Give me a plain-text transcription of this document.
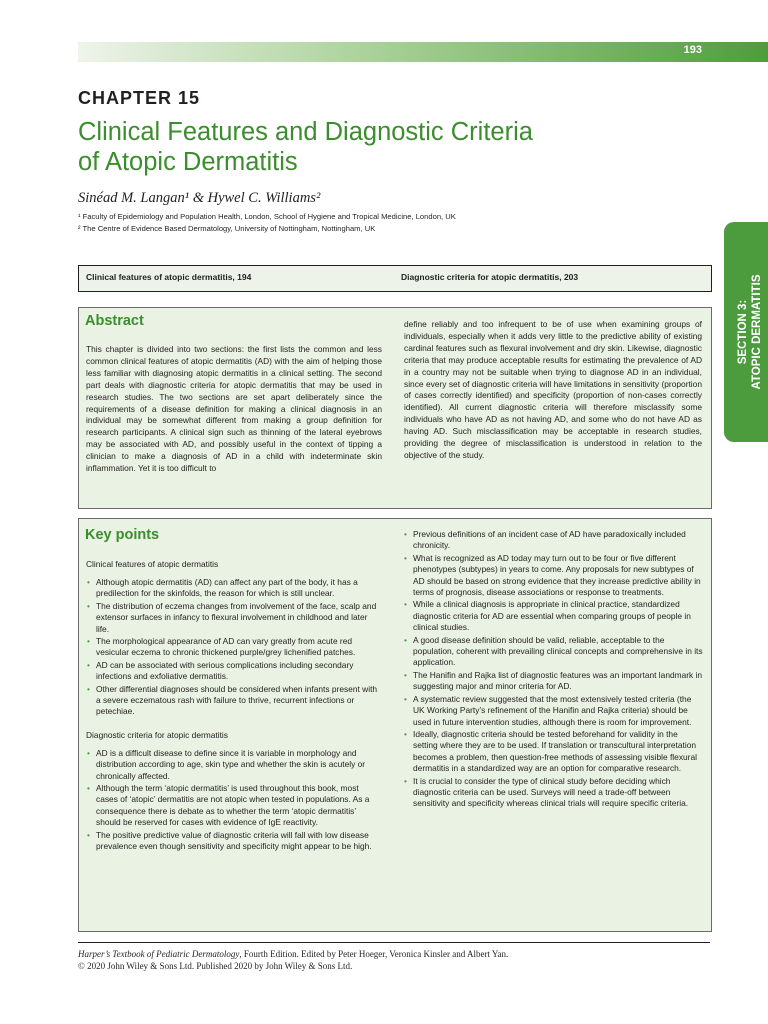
193
CHAPTER 15
Clinical Features and Diagnostic Criteria
of Atopic Dermatitis
Sinéad M. Langan¹ & Hywel C. Williams²
¹ Faculty of Epidemiology and Population Health, London, School of Hygiene and Tropical Medicine, London, UK
² The Centre of Evidence Based Dermatology, University of Nottingham, Nottingham, UK
SECTION 3: ATOPIC DERMATITIS
Clinical features of atopic dermatitis, 194	Diagnostic criteria for atopic dermatitis, 203
Abstract
This chapter is divided into two sections: the first lists the common and less common clinical features of atopic dermatitis (AD) with the aim of helping those less familiar with diagnosing atopic dermatitis in a clinical setting. The second part deals with diagnostic criteria for atopic dermatitis that may be used in research studies. The two sections are set apart deliberately since the requirements of a disease definition for making a clinical diagnosis in an individual may be somewhat different from making a group definition for research participants. A clinical sign such as thinning of the lateral eyebrows may be associated with AD, and possibly useful in the context of tipping a clinician to make a diagnosis of AD in a child with indeterminate skin inflammation. Yet it is too difficult to
define reliably and too infrequent to be of use when examining groups of individuals, especially when it adds very little to the predictive ability of existing cardinal features such as flexural involvement and dry skin. Likewise, diagnostic criteria that may produce acceptable results for estimating the prevalence of AD in a country may not be suitable when trying to diagnose AD in an individual, since every set of diagnostic criteria will have limitations in sensitivity (proportion of cases correctly identified) and specificity (proportion of non-cases correctly identified). All current diagnostic criteria will therefore misclassify some individuals who have AD as not having AD, and some who do not have AD as having AD. Such misclassification may be acceptable in research studies, providing the degree of misclassification is understood in relation to the objective of the study.
Key points
Clinical features of atopic dermatitis
• Although atopic dermatitis (AD) can affect any part of the body, it has a predilection for the skinfolds, the reason for which is still unclear.
• The distribution of eczema changes from involvement of the face, scalp and extensor surfaces in infancy to flexural involvement in childhood and later life.
• The morphological appearance of AD can vary greatly from acute red vesicular eczema to chronic thickened purple/grey lichenified patches.
• AD can be associated with serious complications including secondary infections and exfoliative dermatitis.
• Other differential diagnoses should be considered when infants present with a severe eczematous rash with failure to thrive, recurrent infections or petechiae.
Diagnostic criteria for atopic dermatitis
• AD is a difficult disease to define since it is variable in morphology and distribution according to age, skin type and whether the skin is acutely or chronically affected.
• Although the term ‘atopic dermatitis’ is used throughout this book, most cases of ‘atopic’ dermatitis are not atopic when tested in populations. As a consequence there is debate as to whether the term ‘atopic dermatitis’ should be reserved for cases with evidence of IgE reactivity.
• The positive predictive value of diagnostic criteria will fall with low disease prevalence even though sensitivity and specificity might appear to be high.
• Previous definitions of an incident case of AD have paradoxically included chronicity.
• What is recognized as AD today may turn out to be four or five different phenotypes (subtypes) in years to come. Any proposals for new subtypes of AD should be based on strong evidence that they increase predictive ability in terms of prognosis, disease associations or response to treatments.
• While a clinical diagnosis is appropriate in clinical practice, standardized diagnostic criteria for AD are essential when comparing groups of people in clinical studies.
• A good disease definition should be valid, reliable, acceptable to the population, coherent with prevailing clinical concepts and comprehensive in its application.
• The Hanifin and Rajka list of diagnostic features was an important landmark in suggesting major and minor criteria for AD.
• A systematic review suggested that the most extensively tested criteria (the UK Working Party’s refinement of the Hanifin and Rajka criteria) should be used in future intervention studies, although there is room for improvement.
• Ideally, diagnostic criteria should be tested beforehand for validity in the setting where they are to be used. If translation or transcultural interpretation becomes a problem, then question-free methods of assessing visible flexural dermatitis in a standardized way are an option for comparative research.
• It is crucial to consider the type of clinical study before deciding which diagnostic criteria can be used. Surveys will need a trade-off between sensitivity and specificity whereas clinical trials will require specific criteria.
Harper’s Textbook of Pediatric Dermatology, Fourth Edition. Edited by Peter Hoeger, Veronica Kinsler and Albert Yan.
© 2020 John Wiley & Sons Ltd. Published 2020 by John Wiley & Sons Ltd.
